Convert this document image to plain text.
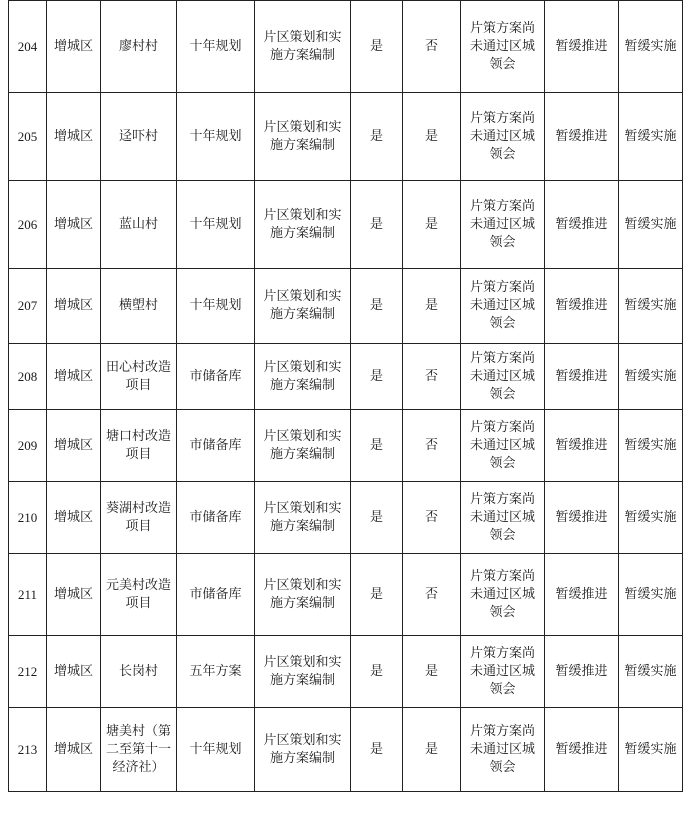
204	增城区	廖村村	十年规划	片区策划和实施方案编制	是	否	片策方案尚未通过区城领会	暂缓推进	暂缓实施
205	增城区	迳吓村	十年规划	片区策划和实施方案编制	是	是	片策方案尚未通过区城领会	暂缓推进	暂缓实施
206	增城区	蓝山村	十年规划	片区策划和实施方案编制	是	是	片策方案尚未通过区城领会	暂缓推进	暂缓实施
207	增城区	横塱村	十年规划	片区策划和实施方案编制	是	是	片策方案尚未通过区城领会	暂缓推进	暂缓实施
208	增城区	田心村改造项目	市储备库	片区策划和实施方案编制	是	否	片策方案尚未通过区城领会	暂缓推进	暂缓实施
209	增城区	塘口村改造项目	市储备库	片区策划和实施方案编制	是	否	片策方案尚未通过区城领会	暂缓推进	暂缓实施
210	增城区	葵湖村改造项目	市储备库	片区策划和实施方案编制	是	否	片策方案尚未通过区城领会	暂缓推进	暂缓实施
211	增城区	元美村改造项目	市储备库	片区策划和实施方案编制	是	否	片策方案尚未通过区城领会	暂缓推进	暂缓实施
212	增城区	长岗村	五年方案	片区策划和实施方案编制	是	是	片策方案尚未通过区城领会	暂缓推进	暂缓实施
213	增城区	塘美村（第二至第十一经济社）	十年规划	片区策划和实施方案编制	是	是	片策方案尚未通过区城领会	暂缓推进	暂缓实施
